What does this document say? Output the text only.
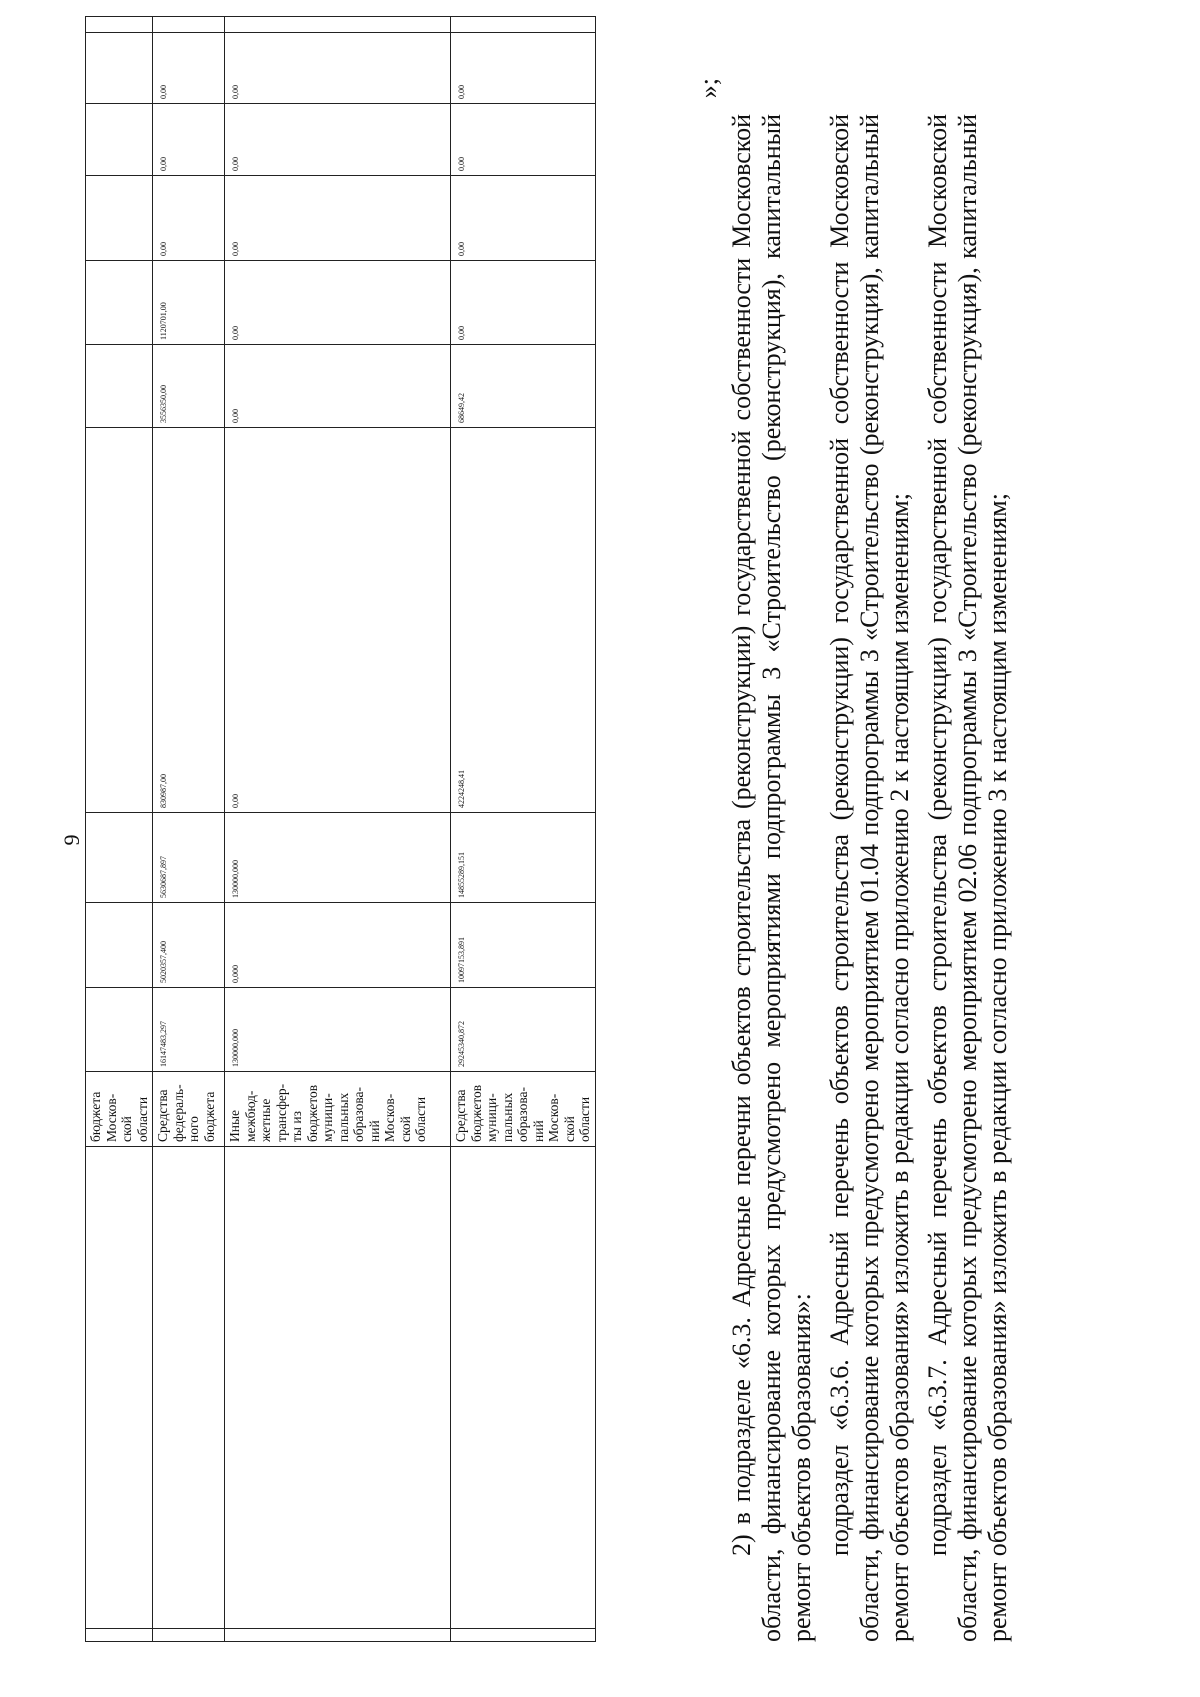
9
		бюджета Москов-ской области										
		Средства федераль-ного бюджета	16147483,297	5020357,400	5630687,897	830987,00	3556350,00	1120701,00	0,00	0,00	0,00	
		Иные межбюд-жетные трансфер-ты из бюджетов муници-пальных образова-ний Москов-ской области	130000,000	0,000	130000,000	0,00	0,00	0,00	0,00	0,00	0,00	
		Средства бюджетов муници-пальных образова-ний Москов-ской области	29245340,872	10097153,891	14855289,151	4224248,41	68649,42	0,00	0,00	0,00	0,00		»;

2) в подразделе «6.3. Адресные перечни объектов строительства (реконструкции) государственной собственности Московской области, финансирование которых предусмотрено мероприятиями подпрограммы 3 «Строительство (реконструкция), капитальный ремонт объектов образования»: подраздел «6.3.6. Адресный перечень объектов строительства (реконструкции) государственной собственности Московской области, финансирование которых предусмотрено мероприятием 01.04 подпрограммы 3 «Строительство (реконструкция), капитальный ремонт объектов образования» изложить в редакции согласно приложению 2 к настоящим изменениям; подраздел «6.3.7. Адресный перечень объектов строительства (реконструкции) государственной собственности Московской области, финансирование которых предусмотрено мероприятием 02.06 подпрограммы 3 «Строительство (реконструкция), капитальный ремонт объектов образования» изложить в редакции согласно приложению 3 к настоящим изменениям;
